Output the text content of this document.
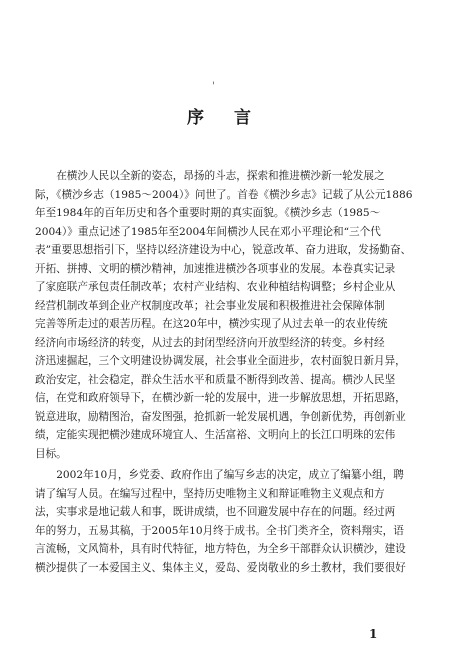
'
序 言

在横沙人民以全新的姿态，昂扬的斗志，探索和推进横沙新一轮发展之
际，《横沙乡志（1985～2004）》问世了。首卷《横沙乡志》记载了从公元1886
年至1984年的百年历史和各个重要时期的真实面貌。《横沙乡志（1985～
2004）》重点记述了1985年至2004年间横沙人民在邓小平理论和“三个代
表”重要思想指引下，坚持以经济建设为中心，锐意改革、奋力进取，发扬勤奋、
开拓、拼搏、文明的横沙精神，加速推进横沙各项事业的发展。本卷真实记录
了家庭联产承包责任制改革；农村产业结构、农业种植结构调整；乡村企业从
经营机制改革到企业产权制度改革；社会事业发展和积极推进社会保障体制
完善等所走过的艰苦历程。在这20年中，横沙实现了从过去单一的农业传统
经济向市场经济的转变，从过去的封闭型经济向开放型经济的转变。乡村经
济迅速掘起，三个文明建设协调发展，社会事业全面进步，农村面貌日新月异，
政治安定，社会稳定，群众生活水平和质量不断得到改善、提高。横沙人民坚
信，在党和政府领导下，在横沙新一轮的发展中，进一步解放思想，开拓思路，
锐意进取，励精图治，奋发图强，抢抓新一轮发展机遇，争创新优势，再创新业
绩，定能实现把横沙建成环境宜人、生活富裕、文明向上的长江口明珠的宏伟
目标。

2002年10月，乡党委、政府作出了编写乡志的决定，成立了编纂小组，聘
请了编写人员。在编写过程中，坚持历史唯物主义和辩证唯物主义观点和方
法，实事求是地记载人和事，既讲成绩，也不回避发展中存在的问题。经过两
年的努力，五易其稿，于2005年10月终于成书。全书门类齐全，资料翔实，语
言流畅，文风简朴，具有时代特征，地方特色，为全乡干部群众认识横沙，建设
横沙提供了一本爱国主义、集体主义，爱岛、爱岗敬业的乡土教材，我们要很好

1
